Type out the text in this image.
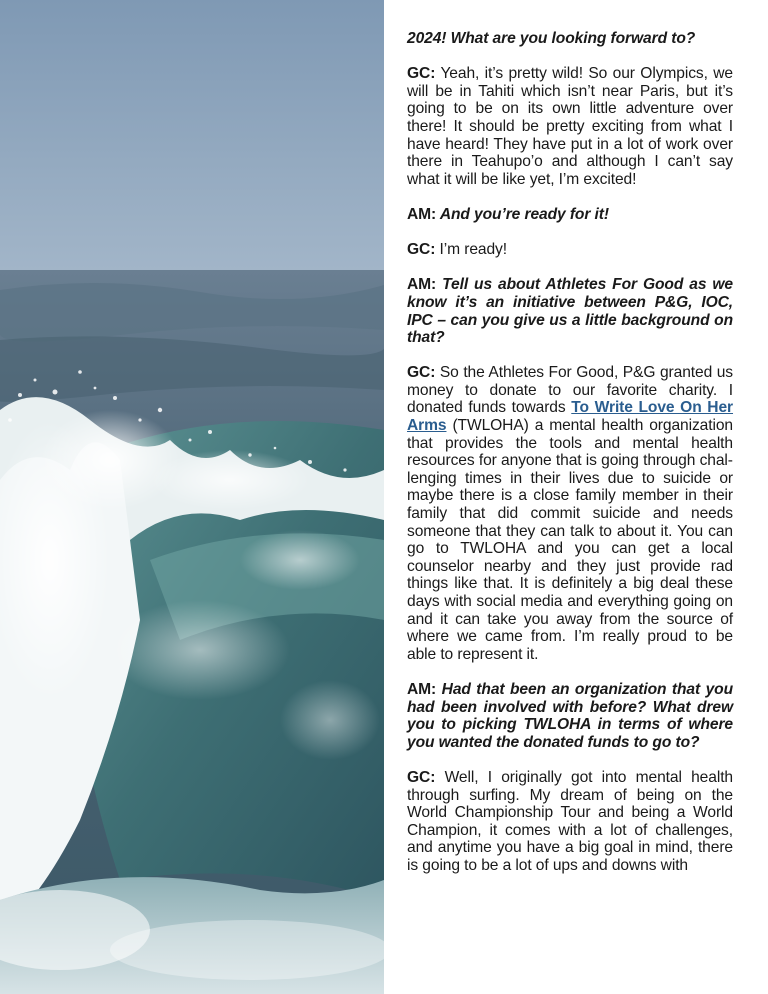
2024! What are you looking forward to?

GC: Yeah, it’s pretty wild! So our Olympics, we will be in Tahiti which isn’t near Paris, but it’s going to be on its own little adventure over there! It should be pretty exciting from what I have heard! They have put in a lot of work over there in Teahupo’o and although I can’t say what it will be like yet, I’m excited!

AM: And you’re ready for it!

GC: I’m ready!

AM: Tell us about Athletes For Good as we know it’s an initiative between P&G, IOC, IPC – can you give us a little background on that?

GC: So the Athletes For Good, P&G granted us money to donate to our favorite charity. I donated funds towards To Write Love On Her Arms (TWLOHA) a mental health organization that provides the tools and mental health resources for anyone that is going through challenging times in their lives due to suicide or maybe there is a close family member in their family that did commit suicide and needs someone that they can talk to about it. You can go to TWLOHA and you can get a local counselor nearby and they just provide rad things like that. It is definitely a big deal these days with social media and everything going on and it can take you away from the source of where we came from. I’m really proud to be able to represent it.

AM: Had that been an organization that you had been involved with before? What drew you to picking TWLOHA in terms of where you wanted the donated funds to go to?

GC: Well, I originally got into mental health through surfing. My dream of being on the World Championship Tour and being a World Champion, it comes with a lot of challenges, and anytime you have a big goal in mind, there is going to be a lot of ups and downs with
